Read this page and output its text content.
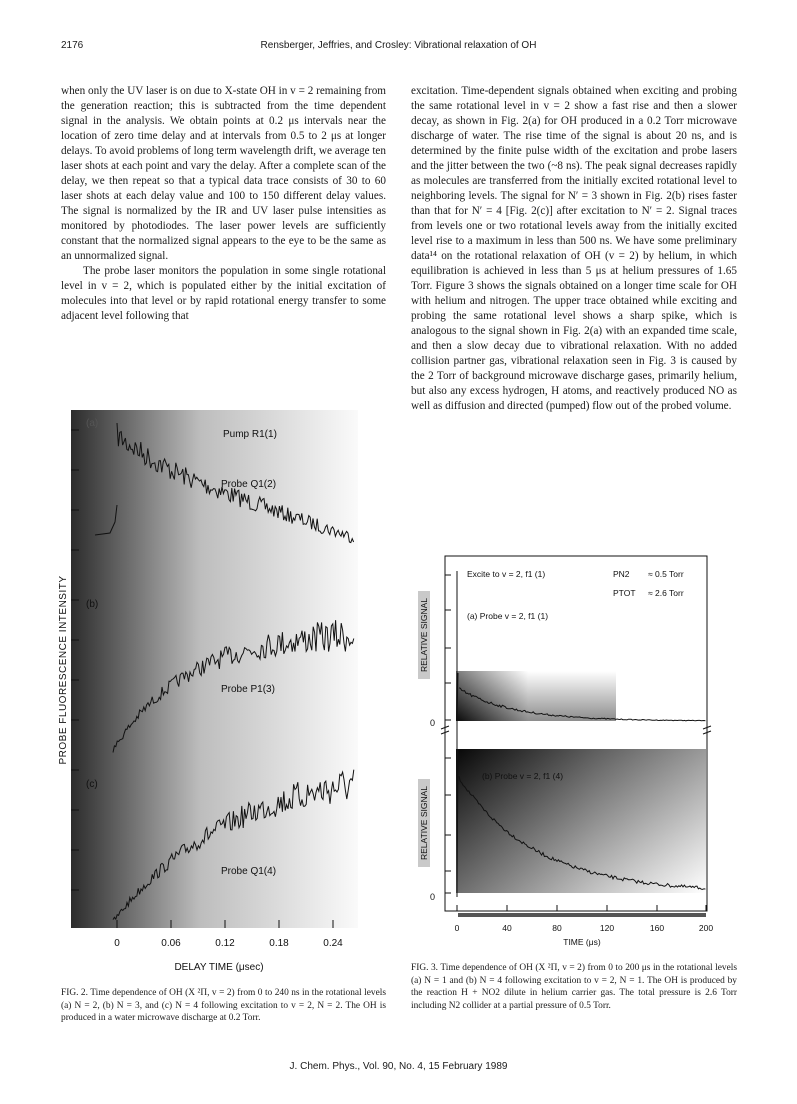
2176	Rensberger, Jeffries, and Crosley: Vibrational relaxation of OH

when only the UV laser is on due to X-state OH in v = 2 remaining from the generation reaction; this is subtracted from the time dependent signal in the analysis. We obtain points at 0.2 μs intervals near the location of zero time delay and at intervals from 0.5 to 2 μs at longer delays. To avoid problems of long term wavelength drift, we average ten laser shots at each point and vary the delay. After a complete scan of the delay, we then repeat so that a typical data trace consists of 30 to 60 laser shots at each delay value and 100 to 150 different delay values. The signal is normalized by the IR and UV laser pulse intensities as monitored by photodiodes. The laser power levels are sufficiently constant that the normalized signal appears to the eye to be the same as an unnormalized signal.

The probe laser monitors the population in some single rotational level in v = 2, which is populated either by the initial excitation of molecules into that level or by rapid rotational energy transfer to some adjacent level following that

excitation. Time-dependent signals obtained when exciting and probing the same rotational level in v = 2 show a fast rise and then a slower decay, as shown in Fig. 2(a) for OH produced in a 0.2 Torr microwave discharge of water. The rise time of the signal is about 20 ns, and is determined by the finite pulse width of the excitation and probe lasers and the jitter between the two (~8 ns). The peak signal decreases rapidly as molecules are transferred from the initially excited rotational level to neighboring levels. The signal for N′ = 3 shown in Fig. 2(b) rises faster than that for N′ = 4 [Fig. 2(c)] after excitation to N′ = 2. Signal traces from levels one or two rotational levels away from the initially excited level rise to a maximum in less than 500 ns. We have some preliminary data¹⁴ on the rotational relaxation of OH (v = 2) by helium, in which equilibration is achieved in less than 5 μs at helium pressures of 1.65 Torr. Figure 3 shows the signals obtained on a longer time scale for OH with helium and nitrogen. The upper trace obtained while exciting and probing the same rotational level shows a sharp spike, which is analogous to the signal shown in Fig. 2(a) with an expanded time scale, and then a slow decay due to vibrational relaxation. With no added collision partner gas, vibrational relaxation seen in Fig. 3 is caused by the 2 Torr of background microwave discharge gases, primarily helium, but also any excess hydrogen, H atoms, and reactively produced NO as well as diffusion and directed (pumped) flow out of the probed volume.

(a)
(b)
(c)
Pump R1(1)
Probe Q1(2)
Probe P1(3)
Probe Q1(4)
PROBE FLUORESCENCE INTENSITY
0	0.06	0.12	0.18	0.24
DELAY TIME (μsec)
FIG. 2. Time dependence of OH (X ²Π, v = 2) from 0 to 240 ns in the rotational levels (a) N = 2, (b) N = 3, and (c) N = 4 following excitation to v = 2, N = 2. The OH is produced in a water microwave discharge at 0.2 Torr.
Excite to v = 2, f1 (1)	PN2 ≈ 0.5 Torr
PTOT ≈ 2.6 Torr
(a) Probe v = 2, f1 (1)
(b) Probe v = 2, f1 (4)
RELATIVE SIGNAL
RELATIVE SIGNAL
0
0
0	40	80	120	160	200
TIME (μs)
FIG. 3. Time dependence of OH (X ²Π, v = 2) from 0 to 200 μs in the rotational levels (a) N = 1 and (b) N = 4 following excitation to v = 2, N = 1. The OH is produced by the reaction H + NO2 dilute in helium carrier gas. The total pressure is 2.6 Torr including N2 collider at a partial pressure of 0.5 Torr.
J. Chem. Phys., Vol. 90, No. 4, 15 February 1989
